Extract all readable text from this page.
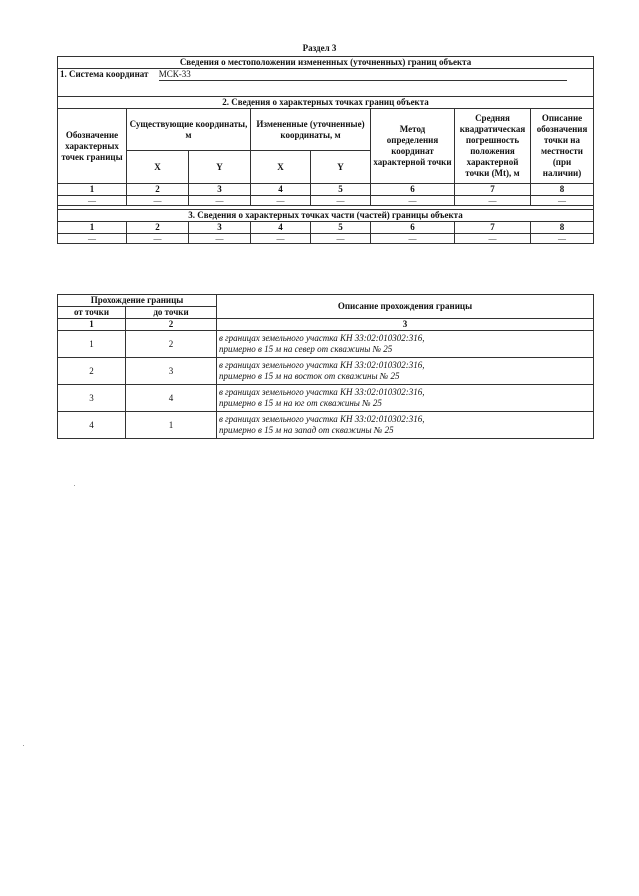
Раздел 3
Сведения о местоположении измененных (уточненных) границ объекта							
1. Система координат МСК-33							
2. Сведения о характерных точках границ объекта							
Обозначение характерных точек границы	Существующие координаты, м		Измененные (уточненные) координаты, м		Метод определения координат характерной точки	Средняя квадратическая погрешность положения характерной точки (Mt), м	Описание обозначения точки на местности (при наличии)
	X	Y	X	Y			
1	2	3	4	5	6	7	8
—	—	—	—	—	—	—	—

3. Сведения о характерных точках части (частей) границы объекта							
1	2	3	4	5	6	7	8
—	—	—	—	—	—	—	—
Прохождение границы		Описание прохождения границы
от точки	до точки	
1	2	3
1	2	в границах земельного участка КН 33:02:010302:316,
примерно в 15 м на север от скважины № 25
2	3	в границах земельного участка КН 33:02:010302:316,
примерно в 15 м на восток от скважины № 25
3	4	в границах земельного участка КН 33:02:010302:316,
примерно в 15 м на юг от скважины № 25
4	1	в границах земельного участка КН 33:02:010302:316,
примерно в 15 м на запад от скважины № 25
